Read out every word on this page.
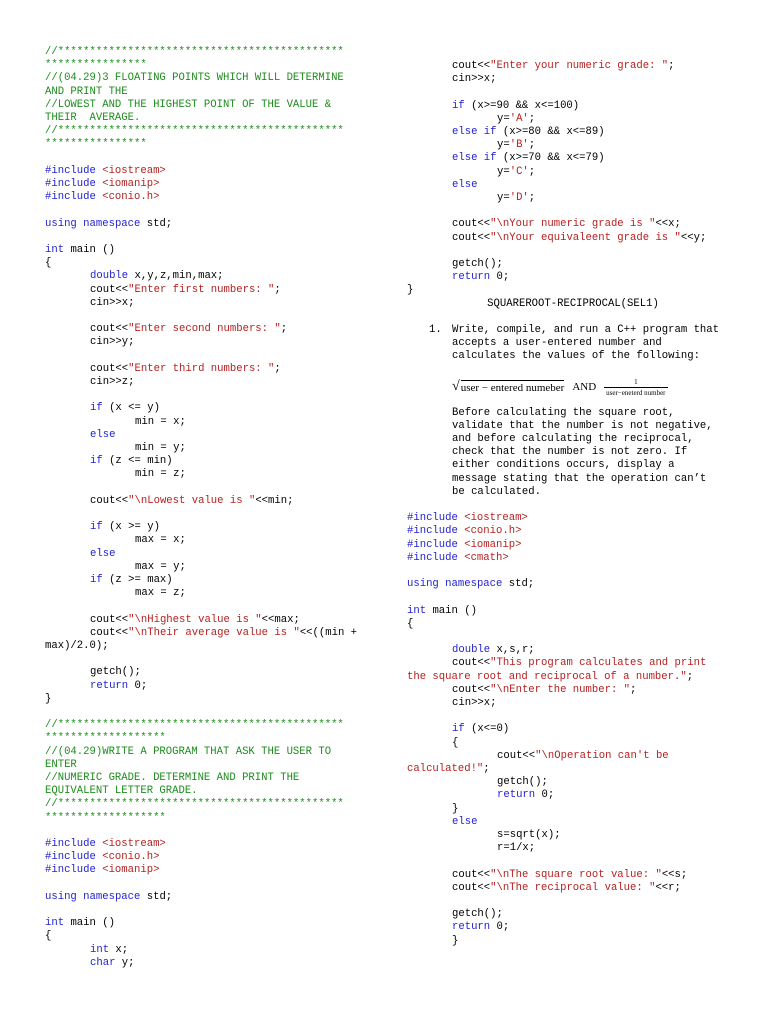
//*********************************************
****************
//(04.29)3 FLOATING POINTS WHICH WILL DETERMINE AND PRINT THE
//LOWEST AND THE HIGHEST POINT OF THE VALUE & THEIR  AVERAGE.
//*********************************************
****************
#include <iostream>
#include <iomanip>
#include <conio.h>
using namespace std;
int main ()
{
double x,y,z,min,max;
cout<<"Enter first numbers: ";
cin>>x;
cout<<"Enter second numbers: ";
cin>>y;
cout<<"Enter third numbers: ";
cin>>z;
if (x <= y)
min = x;
else
min = y;
if (z <= min)
min = z;
cout<<"\nLowest value is "<<min;
if (x >= y)
max = x;
else
max = y;
if (z >= max)
max = z;
cout<<"\nHighest value is "<<max;
cout<<"\nTheir average value is "<<((min + max)/2.0);
getch();
return 0;
}
//*********************************************
*******************
//(04.29)WRITE A PROGRAM THAT ASK THE USER TO ENTER
//NUMERIC GRADE. DETERMINE AND PRINT THE EQUIVALENT LETTER GRADE.
//*********************************************
*******************
#include <iostream>
#include <conio.h>
#include <iomanip>
using namespace std;
int main ()
{
int x;
char y;
cout<<"Enter your numeric grade: ";
cin>>x;
if (x>=90 && x<=100)
y='A';
else if (x>=80 && x<=89)
y='B';
else if (x>=70 && x<=79)
y='C';
else
y='D';
cout<<"\nYour numeric grade is "<<x;
cout<<"\nYour equivaleent grade is "<<y;
getch();
return 0;
}
SQUAREROOT-RECIPROCAL(SEL1)
1. Write, compile, and run a C++ program that accepts a user-entered number and calculates the values of the following:
√ user − entered numeber AND $\frac{1}{\text{user−eneterd number}}$
Before calculating the square root, validate that the number is not negative, and before calculating the reciprocal, check that the number is not zero. If either conditions occurs, display a message stating that the operation can’t be calculated.
#include <iostream>
#include <conio.h>
#include <iomanip>
#include <cmath>
using namespace std;
int main ()
{
double x,s,r;
cout<<"This program calculates and print the square root and reciprocal of a number.";
cout<<"\nEnter the number: ";
cin>>x;
if (x<=0)
{
cout<<"\nOperation can't be calculated!";
getch();
return 0;
}
else
s=sqrt(x);
r=1/x;
cout<<"\nThe square root value: "<<s;
cout<<"\nThe reciprocal value: "<<r;
getch();
return 0;
}
